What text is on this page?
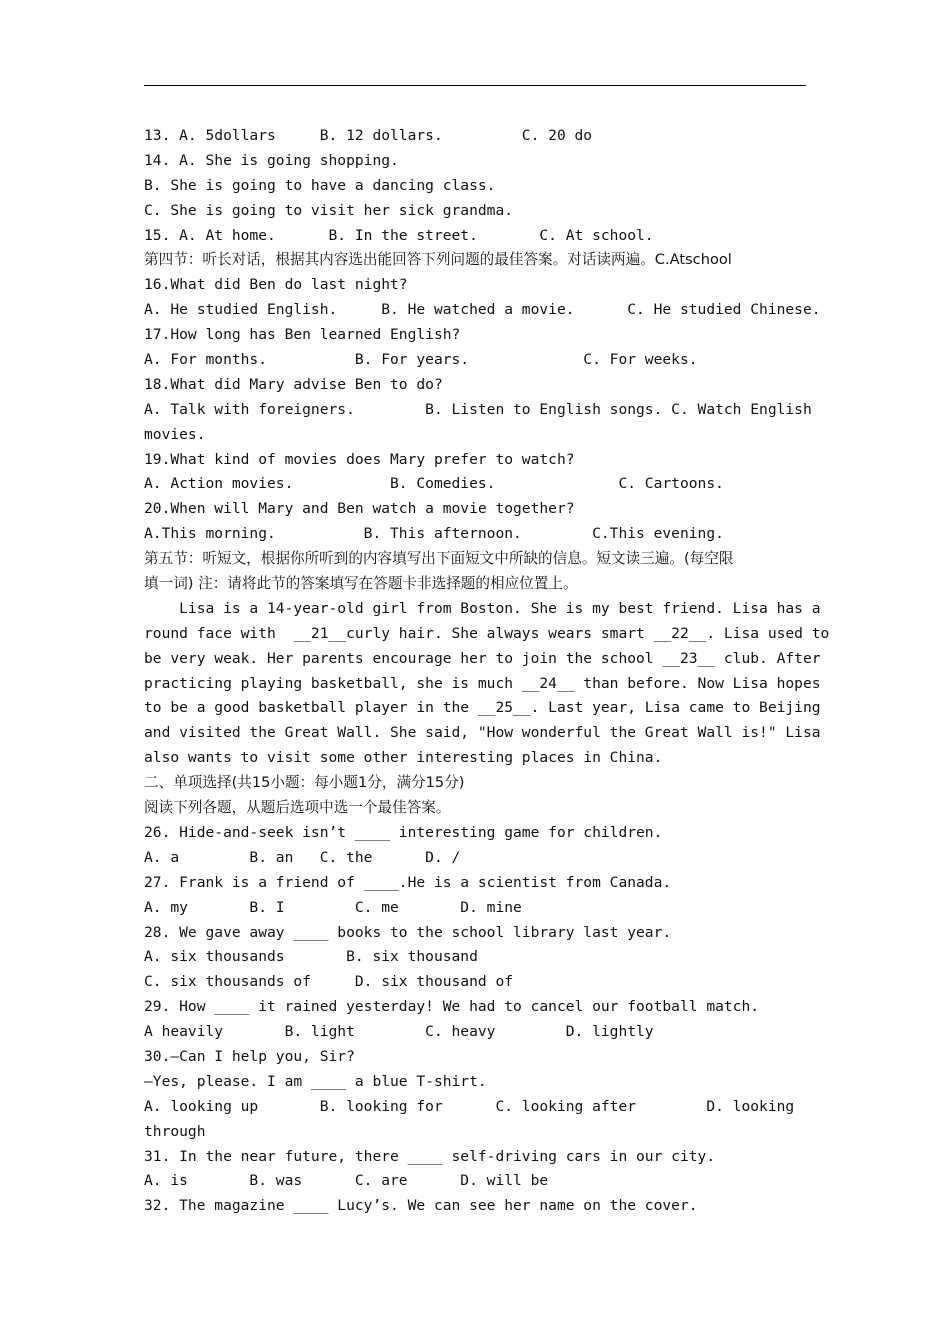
13. A. 5dollars     B. 12 dollars.         C. 20 do
14. A. She is going shopping.
B. She is going to have a dancing class.
C. She is going to visit her sick grandma.
15. A. At home.      B. In the street.       C. At school.
第四节：听长对话，根据其内容选出能回答下列问题的最佳答案。对话读两遍。C.Atschool
16.What did Ben do last night?
A. He studied English.     B. He watched a movie.      C. He studied Chinese.
17.How long has Ben learned English?
A. For months.          B. For years.             C. For weeks.
18.What did Mary advise Ben to do?
A. Talk with foreigners.        B. Listen to English songs. C. Watch English
movies.
19.What kind of movies does Mary prefer to watch?
A. Action movies.           B. Comedies.              C. Cartoons.
20.When will Mary and Ben watch a movie together?
A.This morning.          B. This afternoon.        C.This evening.
第五节：听短文，根据你所听到的内容填写出下面短文中所缺的信息。短文读三遍。(每空限
填一词) 注：请将此节的答案填写在答题卡非选择题的相应位置上。
Lisa is a 14-year-old girl from Boston. She is my best friend. Lisa has a
round face with  __21__curly hair. She always wears smart __22__. Lisa used to
be very weak. Her parents encourage her to join the school __23__ club. After
practicing playing basketball, she is much __24__ than before. Now Lisa hopes
to be a good basketball player in the __25__. Last year, Lisa came to Beijing
and visited the Great Wall. She said, "How wonderful the Great Wall is!" Lisa
also wants to visit some other interesting places in China.
二、单项选择(共15小题：每小题1分，满分15分)
阅读下列各题，从题后选项中选一个最佳答案。
26. Hide-and-seek isn’t ____ interesting game for children.
A. a        B. an   C. the      D. /
27. Frank is a friend of ____.He is a scientist from Canada.
A. my       B. I        C. me       D. mine
28. We gave away ____ books to the school library last year.
A. six thousands       B. six thousand
C. six thousands of     D. six thousand of
29. How ____ it rained yesterday! We had to cancel our football match.
A heavily       B. light        C. heavy        D. lightly
30.—Can I help you, Sir?
—Yes, please. I am ____ a blue T-shirt.
A. looking up       B. looking for      C. looking after        D. looking
through
31. In the near future, there ____ self-driving cars in our city.
A. is       B. was      C. are      D. will be
32. The magazine ____ Lucy’s. We can see her name on the cover.
